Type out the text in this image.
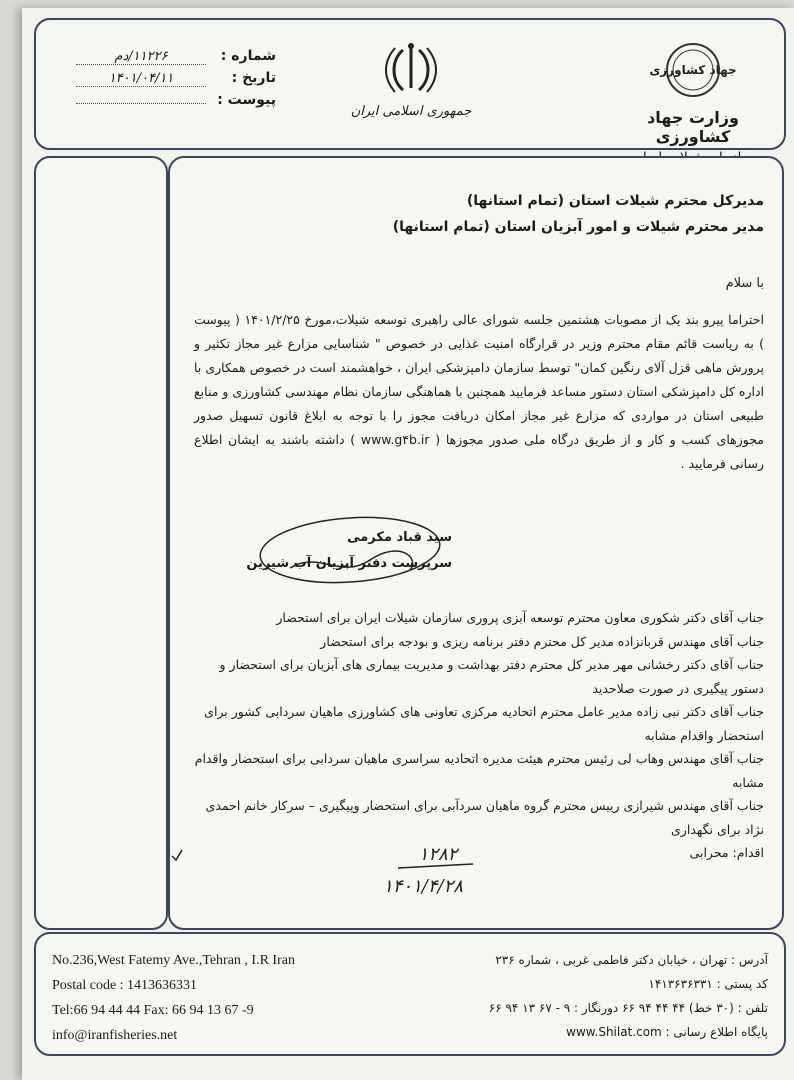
جهاد کشاورزی
وزارت جهاد کشاورزی
جمهوری اسلامی ایران
شماره :
۱۱۲۲۶/دم
تاریخ :
۱۴۰۱/۰۴/۱۱
پیوست :
مدیرکل محترم شیلات استان (تمام استانها)
مدیر محترم شیلات و امور آبزیان استان (تمام استانها)
با سلام
احتراما پیرو بند یک از مصوبات هشتمین جلسه شورای عالی راهبری توسعه شیلات،مورخ ۱۴۰۱/۲/۲۵ ( پیوست ) به ریاست قائم مقام محترم وزیر در قرارگاه امنیت غذایی در خصوص " شناسایی مزارع غیر مجاز تکثیر و پرورش ماهی قزل آلای رنگین کمان" توسط سازمان دامپزشکی ایران ، خواهشمند است در خصوص همکاری با اداره کل دامپزشکی استان دستور مساعد فرمایید همچنین با هماهنگی سازمان نظام مهندسی کشاورزی و منابع طبیعی استان در مواردی که مزارع غیر مجاز امکان دریافت مجوز را با توجه به ابلاغ قانون تسهیل صدور مجوزهای کسب و کار و از طریق درگاه ملی صدور مجوزها ( www.g۴b.ir ) داشته باشند به ایشان اطلاع رسانی فرمایید .
سید قباد مکرمی
سرپرست دفتر آبزیان آب شیرین

جناب آقای دکتر شکوری معاون محترم توسعه آبزی پروری سازمان شیلات ایران برای استحضار

جناب آقای مهندس قربانزاده مدیر کل محترم دفتر برنامه ریزی و بودجه برای استحضار

جناب آقای دکتر رخشانی مهر مدیر کل محترم دفتر بهداشت و مدیریت بیماری های آبزیان برای استحضار و دستور پیگیری در صورت صلاحدید

جناب آقای دکتر نبی زاده مدیر عامل محترم اتحادیه مرکزی تعاونی های کشاورزی ماهیان سردابی کشور برای استحضار واقدام مشابه

جناب آقای مهندس وهاب لی رئیس محترم هیئت مدیره اتحادیه سراسری ماهیان سردابی برای استحضار واقدام مشابه

جناب آقای مهندس شیرازی رییس محترم گروه ماهیان سردآبی برای استحضار وپیگیری – سرکار خانم احمدی نژاد برای نگهداری

اقدام: محرابی

۱۲۸۲
۱۴۰۱/۴/۲۸
No.236,West Fatemy Ave.,Tehran , I.R Iran
Postal code : 1413636331
Tel:66 94 44 44 Fax: 66 94 13 67 -9
info@iranfisheries.net
آدرس : تهران ، خیابان دکتر فاطمی غربی ، شماره ۲۳۶
کد پستی : ۱۴۱۳۶۳۶۳۳۱
تلفن : (۳۰ خط) ۴۴ ۴۴ ۹۴ ۶۶ دورنگار : ۹ - ۶۷ ۱۳ ۹۴ ۶۶
پایگاه اطلاع رسانی : www.Shilat.com
